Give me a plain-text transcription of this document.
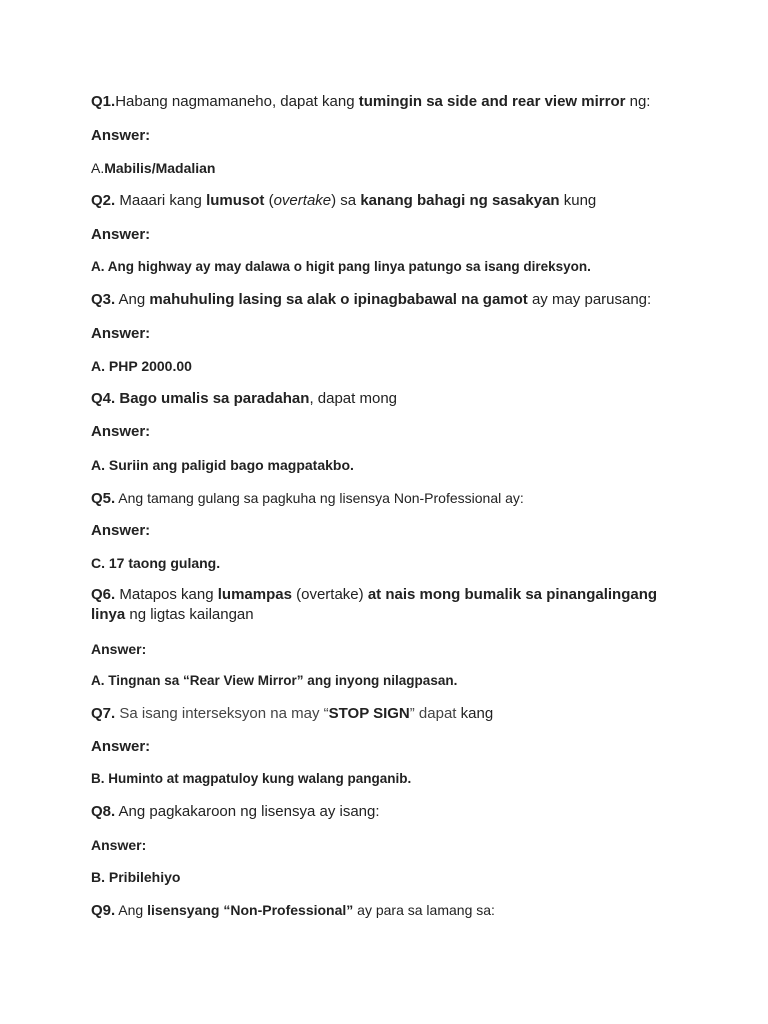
Q1.Habang nagmamaneho, dapat kang tumingin sa side and rear view mirror ng:
Answer:
A.Mabilis/Madalian
Q2. Maaari kang lumusot (overtake) sa kanang bahagi ng sasakyan kung
Answer:
A. Ang highway ay may dalawa o higit pang linya patungo sa isang direksyon.
Q3. Ang mahuhuling lasing sa alak o ipinagbabawal na gamot ay may parusang:
Answer:
A. PHP 2000.00
Q4. Bago umalis sa paradahan, dapat mong
Answer:
A. Suriin ang paligid bago magpatakbo.
Q5. Ang tamang gulang sa pagkuha ng lisensya Non-Professional ay:
Answer:
C. 17 taong gulang.
Q6. Matapos kang lumampas (overtake) at nais mong bumalik sa pinangalingang linya ng ligtas kailangan
Answer:
A. Tingnan sa “Rear View Mirror” ang inyong nilagpasan.
Q7. Sa isang interseksyon na may “STOP SIGN” dapat kang
Answer:
B. Huminto at magpatuloy kung walang panganib.
Q8. Ang pagkakaroon ng lisensya ay isang:
Answer:
B. Pribilehiyo
Q9. Ang lisensyang “Non-Professional” ay para sa lamang sa:
